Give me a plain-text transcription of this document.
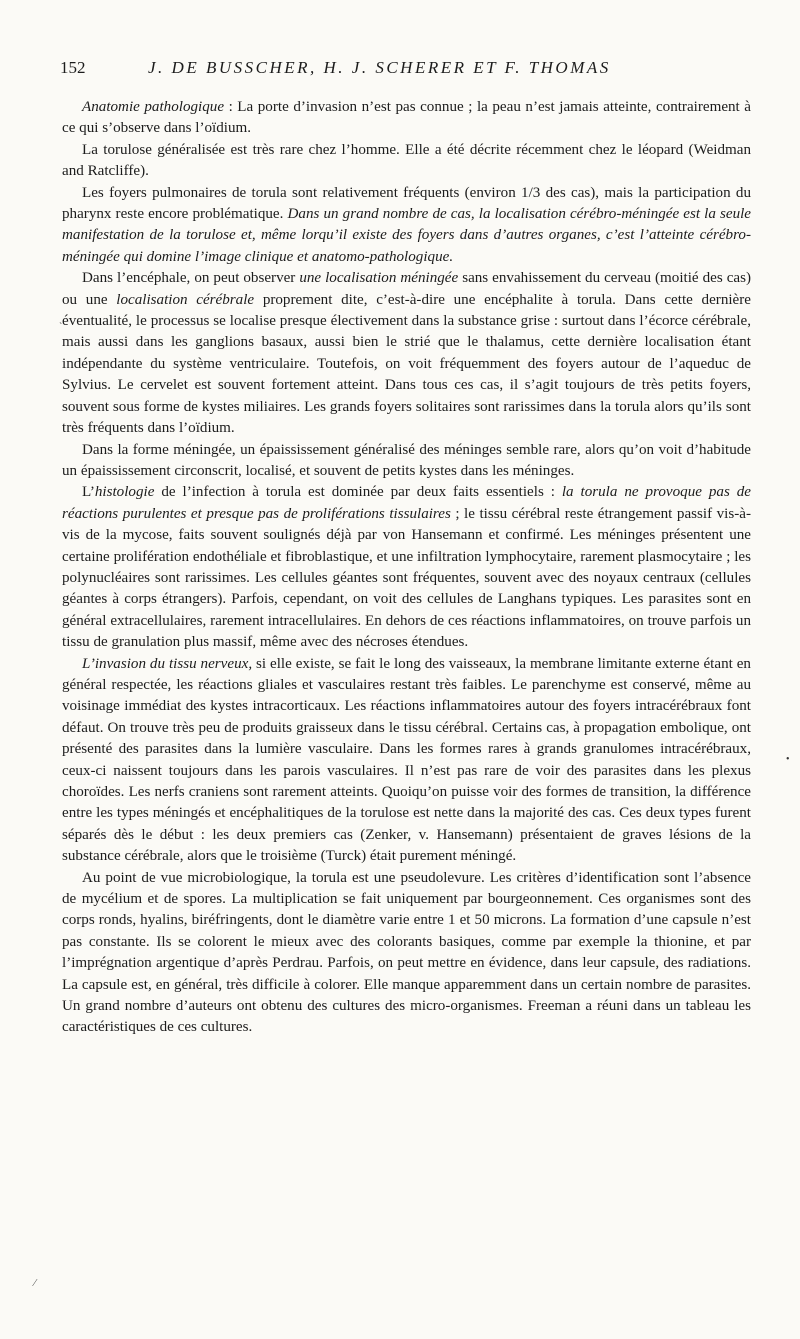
152	J. DE BUSSCHER, H. J. SCHERER ET F. THOMAS

Anatomie pathologique : La porte d’invasion n’est pas connue ; la peau n’est jamais atteinte, contrairement à ce qui s’observe dans l’oïdium.

La torulose généralisée est très rare chez l’homme. Elle a été décrite récemment chez le léopard (Weidman and Ratcliffe).

Les foyers pulmonaires de torula sont relativement fréquents (environ 1/3 des cas), mais la participation du pharynx reste encore problématique. Dans un grand nombre de cas, la localisation cérébro-méningée est la seule manifestation de la torulose et, même lorqu’il existe des foyers dans d’autres organes, c’est l’atteinte cérébro-méningée qui domine l’image clinique et anatomo-pathologique.

Dans l’encéphale, on peut observer une localisation méningée sans envahissement du cerveau (moitié des cas) ou une localisation cérébrale proprement dite, c’est-à-dire une encéphalite à torula. Dans cette dernière éventualité, le processus se localise presque électivement dans la substance grise : surtout dans l’écorce cérébrale, mais aussi dans les ganglions basaux, aussi bien le strié que le thalamus, cette dernière localisation étant indépendante du système ventriculaire. Toutefois, on voit fréquemment des foyers autour de l’aqueduc de Sylvius. Le cervelet est souvent fortement atteint. Dans tous ces cas, il s’agit toujours de très petits foyers, souvent sous forme de kystes miliaires. Les grands foyers solitaires sont rarissimes dans la torula alors qu’ils sont très fréquents dans l’oïdium.

Dans la forme méningée, un épaississement généralisé des méninges semble rare, alors qu’on voit d’habitude un épaississement circonscrit, localisé, et souvent de petits kystes dans les méninges.

L’histologie de l’infection à torula est dominée par deux faits essentiels : la torula ne provoque pas de réactions purulentes et presque pas de proliférations tissulaires ; le tissu cérébral reste étrangement passif vis-à-vis de la mycose, faits souvent soulignés déjà par von Hansemann et confirmé. Les méninges présentent une certaine prolifération endothéliale et fibroblastique, et une infiltration lymphocytaire, rarement plasmocytaire ; les polynucléaires sont rarissimes. Les cellules géantes sont fréquentes, souvent avec des noyaux centraux (cellules géantes à corps étrangers). Parfois, cependant, on voit des cellules de Langhans typiques. Les parasites sont en général extracellulaires, rarement intracellulaires. En dehors de ces réactions inflammatoires, on trouve parfois un tissu de granulation plus massif, même avec des nécroses étendues.

L’invasion du tissu nerveux, si elle existe, se fait le long des vaisseaux, la membrane limitante externe étant en général respectée, les réactions gliales et vasculaires restant très faibles. Le parenchyme est conservé, même au voisinage immédiat des kystes intracorticaux. Les réactions inflammatoires autour des foyers intracérébraux font défaut. On trouve très peu de produits graisseux dans le tissu cérébral. Certains cas, à propagation embolique, ont présenté des parasites dans la lumière vasculaire. Dans les formes rares à grands granulomes intracérébraux, ceux-ci naissent toujours dans les parois vasculaires. Il n’est pas rare de voir des parasites dans les plexus choroïdes. Les nerfs craniens sont rarement atteints. Quoiqu’on puisse voir des formes de transition, la différence entre les types méningés et encéphalitiques de la torulose est nette dans la majorité des cas. Ces deux types furent séparés dès le début : les deux premiers cas (Zenker, v. Hansemann) présentaient de graves lésions de la substance cérébrale, alors que le troisième (Turck) était purement méningé.

Au point de vue microbiologique, la torula est une pseudolevure. Les critères d’identification sont l’absence de mycélium et de spores. La multiplication se fait uniquement par bourgeonnement. Ces organismes sont des corps ronds, hyalins, biréfringents, dont le diamètre varie entre 1 et 50 microns. La formation d’une capsule n’est pas constante. Ils se colorent le mieux avec des colorants basiques, comme par exemple la thionine, et par l’imprégnation argentique d’après Perdrau. Parfois, on peut mettre en évidence, dans leur capsule, des radiations. La capsule est, en général, très difficile à colorer. Elle manque apparemment dans un certain nombre de parasites. Un grand nombre d’auteurs ont obtenu des cultures des micro-organismes. Freeman a réuni dans un tableau les caractéristiques de ces cultures.

ˋ
•
⁄
